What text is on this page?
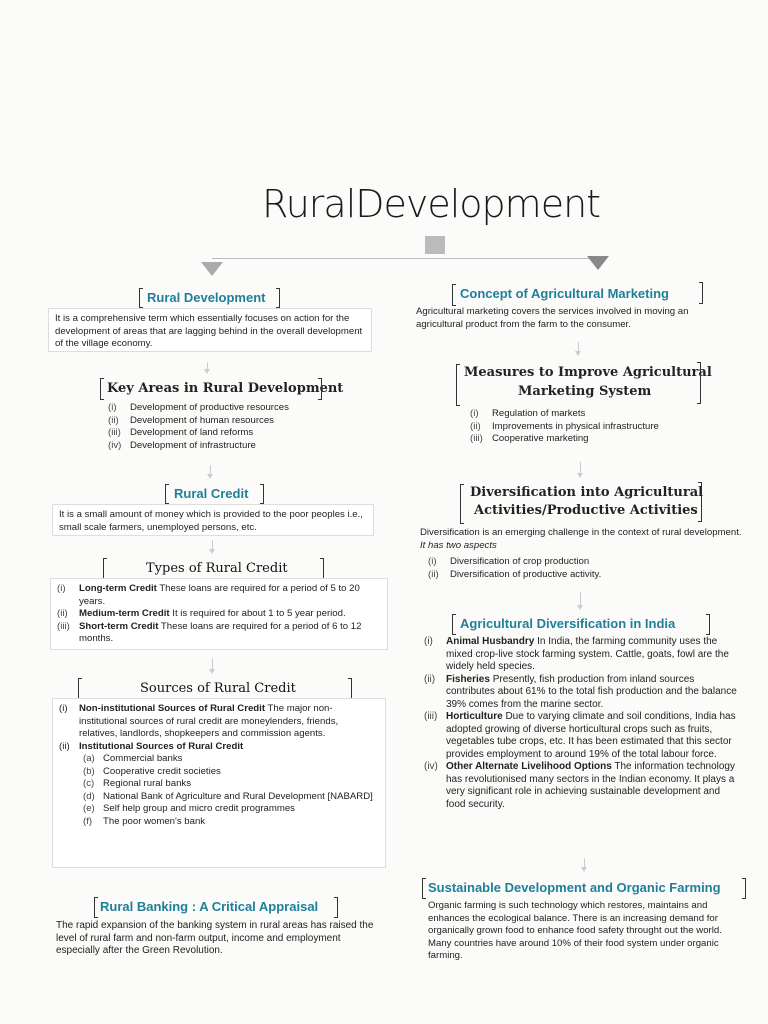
RuralDevelopment
Rural Development
It is a comprehensive term which essentially focuses on action for the development of areas that are lagging behind in the overall development of the village economy.
Key Areas in Rural Development
(i)	Development of productive resources
(ii)	Development of human resources
(iii) Development of land reforms
(iv) Development of infrastructure
Rural Credit
It is a small amount of money which is provided to the poor peoples i.e., small scale farmers, unemployed persons, etc.
Types of Rural Credit
(i)	Long-term Credit These loans are required for a period of 5 to 20 years.
(ii)	Medium-term Credit It is required for about 1 to 5 year period.
(iii) Short-term Credit These loans are required for a period of 6 to 12 months.
Sources of Rural Credit
(i)	Non-institutional Sources of Rural Credit The major non-institutional sources of rural credit are moneylenders, friends, relatives, landlords, shopkeepers and commission agents.
(ii) Institutional Sources of Rural Credit
(a) Commercial banks
(b) Cooperative credit societies
(c) Regional rural banks
(d) National Bank of Agriculture and Rural Development [NABARD]
(e) Self help group and micro credit programmes
(f)	The poor women's bank
Rural Banking : A Critical Appraisal
The rapid expansion of the banking system in rural areas has raised the level of rural farm and non-farm output, income and employment especially after the Green Revolution.
Concept of Agricultural Marketing
Agricultural marketing covers the services involved in moving an agricultural product from the farm to the consumer.
Measures to Improve Agricultural
Marketing System
(i)	Regulation of markets
(ii)	Improvements in physical infrastructure
(iii) Cooperative marketing
Diversification into Agricultural
Activities/Productive Activities
Diversification is an emerging challenge in the context of rural development. It has two aspects
(i)	Diversification of crop production
(ii)	Diversification of productive activity.
Agricultural Diversification in India
(i)	Animal Husbandry In India, the farming community uses the mixed crop-live stock farming system. Cattle, goats, fowl are the widely held species.
(ii)	Fisheries Presently, fish production from inland sources contributes about 61% to the total fish production and the balance 39% comes from the marine sector.
(iii) Horticulture Due to varying climate and soil conditions, India has adopted growing of diverse horticultural crops such as fruits, vegetables tube crops, etc. It has been estimated that this sector provides employment to around 19% of the total labour force.
(iv) Other Alternate Livelihood Options The information technology has revolutionised many sectors in the Indian economy. It plays a very significant role in achieving sustainable development and food security.
Sustainable Development and Organic Farming
Organic farming is such technology which restores, maintains and enhances the ecological balance. There is an increasing demand for organically grown food to enhance food safety throught out the world. Many countries have around 10% of their food system under organic farming.
